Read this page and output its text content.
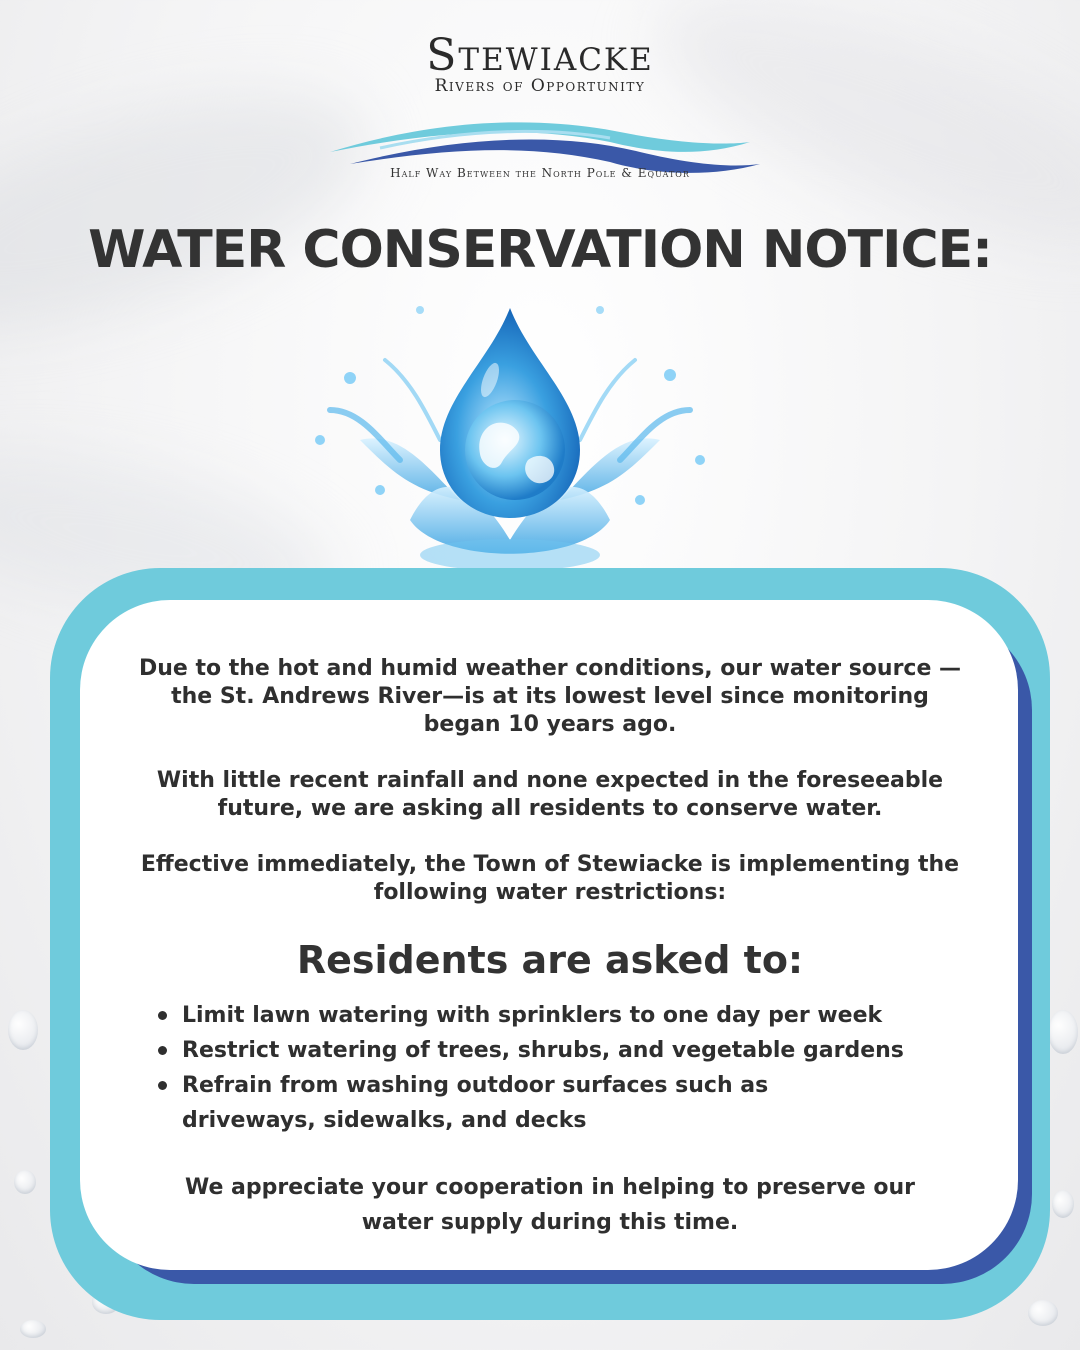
Stewiacke
Rivers of Opportunity
Half Way Between the North Pole & Equator
WATER CONSERVATION NOTICE:

Due to the hot and humid weather conditions, our water source —the St. Andrews River—is at its lowest level since monitoring began 10 years ago.

With little recent rainfall and none expected in the foreseeable future, we are asking all residents to conserve water.

Effective immediately, the Town of Stewiacke is implementing the following water restrictions:

Residents are asked to:
Limit lawn watering with sprinklers to one day per week
Restrict watering of trees, shrubs, and vegetable gardens
Refrain from washing outdoor surfaces such as driveways, sidewalks, and decks

We appreciate your cooperation in helping to preserve our water supply during this time.
